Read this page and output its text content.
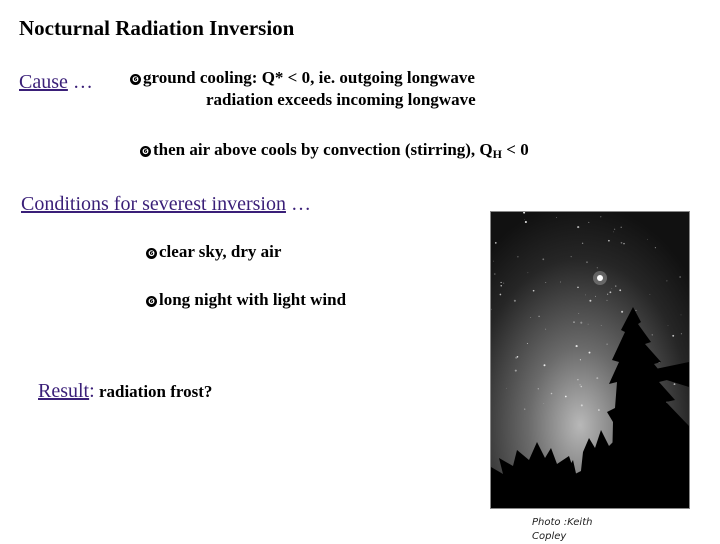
Nocturnal Radiation Inversion
Cause …	❻ ground cooling: Q* < 0, ie. outgoing longwave
radiation exceeds incoming longwave
❻ then air above cools by convection (stirring), $Q_H < 0$
Conditions for severest inversion …
❻ clear sky, dry air
❻ long night with light wind
Result: radiation frost?
Photo :Keith Copley
